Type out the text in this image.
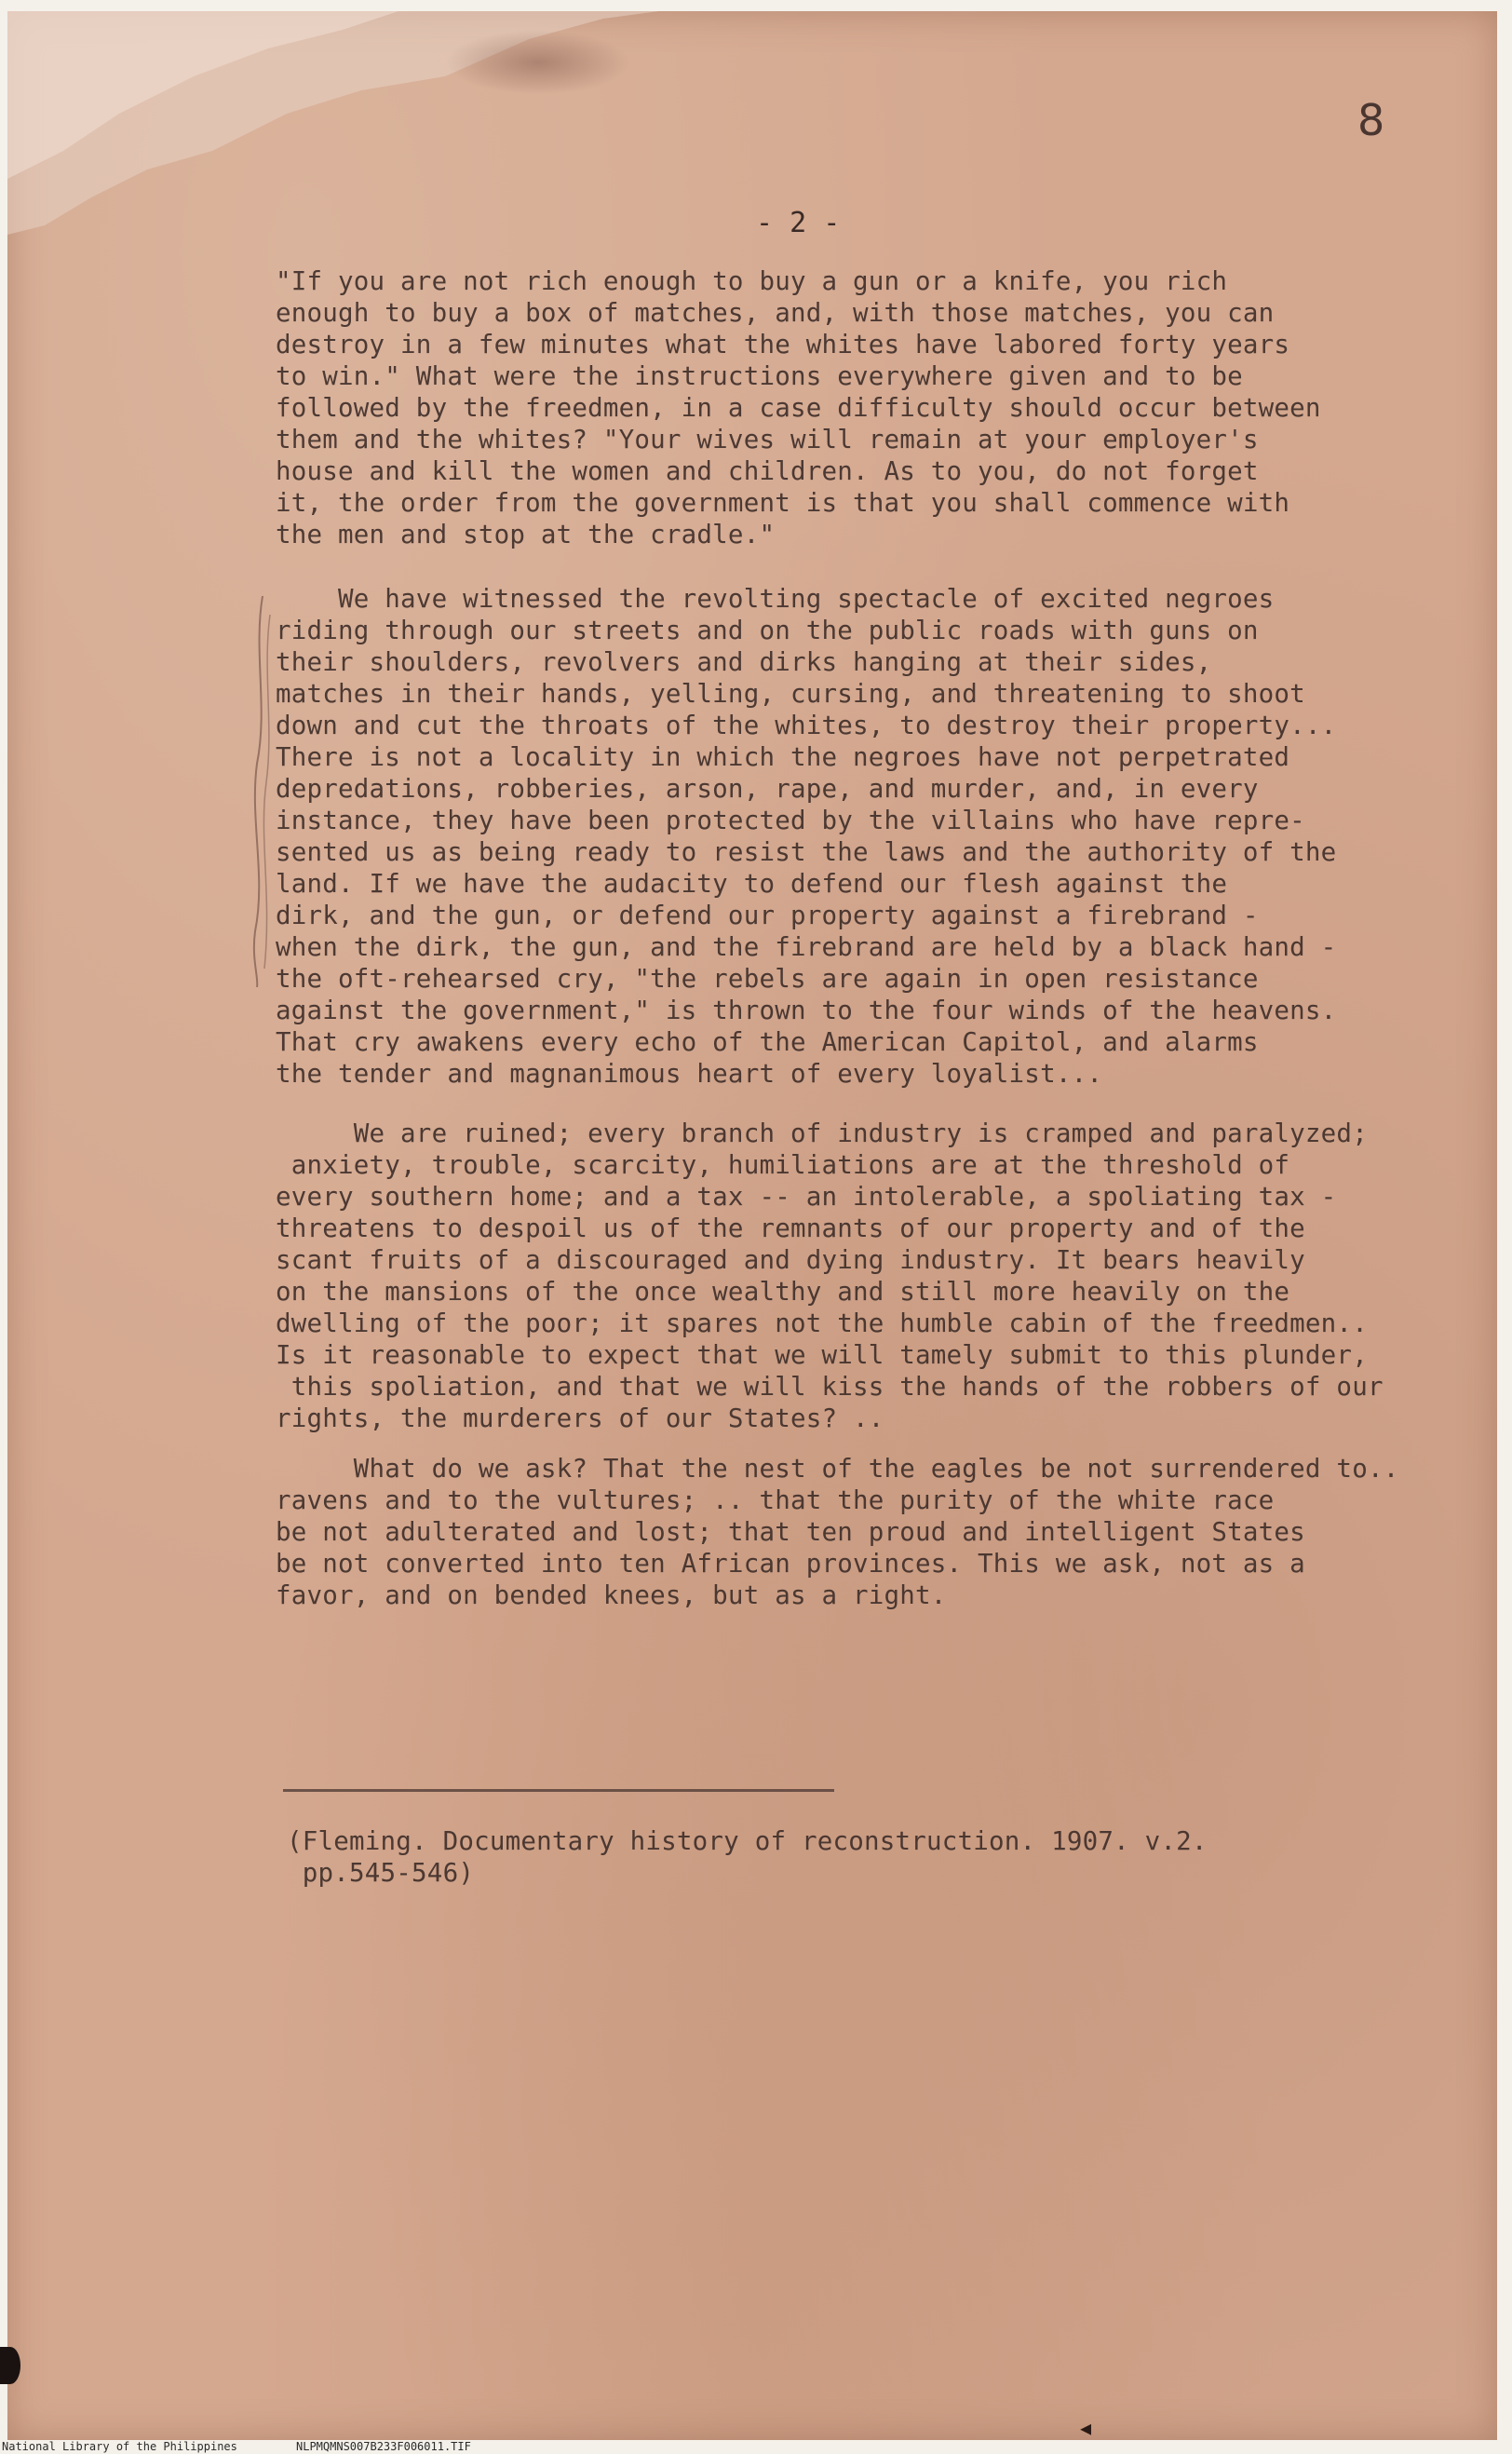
8
- 2 -
"If you are not rich enough to buy a gun or a knife, you rich
enough to buy a box of matches, and, with those matches, you can
destroy in a few minutes what the whites have labored forty years
to win." What were the instructions everywhere given and to be
followed by the freedmen, in a case difficulty should occur between
them and the whites? "Your wives will remain at your employer's
house and kill the women and children. As to you, do not forget
it, the order from the government is that you shall commence with
the men and stop at the cradle."
We have witnessed the revolting spectacle of excited negroes
riding through our streets and on the public roads with guns on
their shoulders, revolvers and dirks hanging at their sides,
matches in their hands, yelling, cursing, and threatening to shoot
down and cut the throats of the whites, to destroy their property...
There is not a locality in which the negroes have not perpetrated
depredations, robberies, arson, rape, and murder, and, in every
instance, they have been protected by the villains who have repre-
sented us as being ready to resist the laws and the authority of the
land. If we have the audacity to defend our flesh against the
dirk, and the gun, or defend our property against a firebrand -
when the dirk, the gun, and the firebrand are held by a black hand -
the oft-rehearsed cry, "the rebels are again in open resistance
against the government," is thrown to the four winds of the heavens.
That cry awakens every echo of the American Capitol, and alarms
the tender and magnanimous heart of every loyalist...
We are ruined; every branch of industry is cramped and paralyzed;
anxiety, trouble, scarcity, humiliations are at the threshold of
every southern home; and a tax -- an intolerable, a spoliating tax -
threatens to despoil us of the remnants of our property and of the
scant fruits of a discouraged and dying industry. It bears heavily
on the mansions of the once wealthy and still more heavily on the
dwelling of the poor; it spares not the humble cabin of the freedmen..
Is it reasonable to expect that we will tamely submit to this plunder,
this spoliation, and that we will kiss the hands of the robbers of our
rights, the murderers of our States? ..
What do we ask? That the nest of the eagles be not surrendered to..
ravens and to the vultures; .. that the purity of the white race
be not adulterated and lost; that ten proud and intelligent States
be not converted into ten African provinces. This we ask, not as a
favor, and on bended knees, but as a right.
(Fleming. Documentary history of reconstruction. 1907. v.2.
pp.545-546)
◀
National Library of the Philippines	NLPMQMNS007B233F006011.TIF
